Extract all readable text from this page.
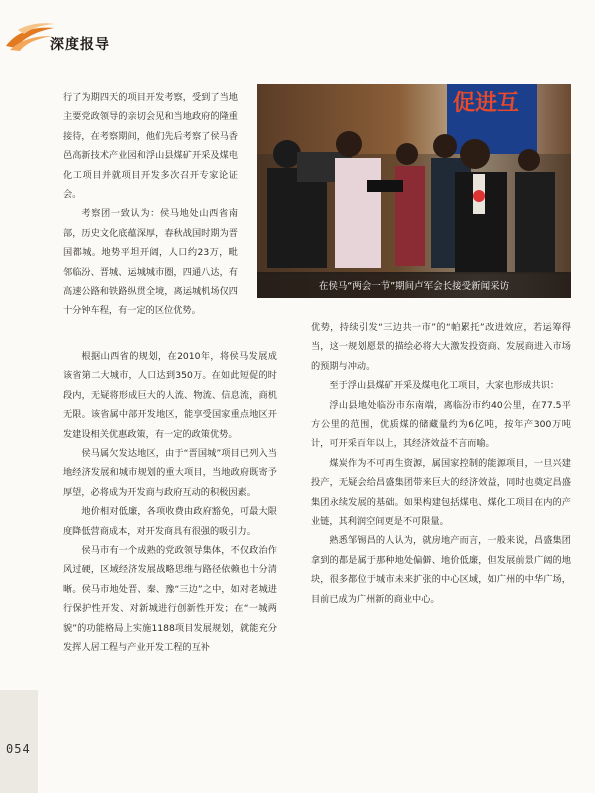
深度报导

行了为期四天的项目开发考察，受到了当地主要党政领导的亲切会见和当地政府的隆重接待，在考察期间，他们先后考察了侯马香邑高新技术产业园和浮山县煤矿开采及煤电化工项目并就项目开发多次召开专家论证会。

考察团一致认为：侯马地处山西省南部，历史文化底蕴深厚，春秋战国时期为晋国都城。地势平坦开阔，人口约23万，毗邻临汾、晋城、运城城市圈，四通八达，有高速公路和铁路纵贯全境，离运城机场仅四十分钟车程，有一定的区位优势。

促进互
在侯马“两会一节”期间卢军会长接受新闻采访

根据山西省的规划，在2010年，将侯马发展成该省第二大城市，人口达到350万。在如此短促的时段内，无疑将形成巨大的人流、物流、信息流，商机无限。该省属中部开发地区，能享受国家重点地区开发建设相关优惠政策，有一定的政策优势。

侯马属欠发达地区，由于“晋国城”项目已列入当地经济发展和城市规划的重大项目，当地政府既寄予厚望，必将成为开发商与政府互动的积极因素。

地价相对低廉，各项收费由政府豁免，可最大限度降低营商成本，对开发商具有很强的吸引力。

侯马市有一个成熟的党政领导集体，不仅政治作风过硬，区域经济发展战略思维与路径依赖也十分清晰。侯马市地处晋、秦、豫“三边”之中，如对老城进行保护性开发、对新城进行创新性开发；在“一城两貌”的功能格局上实施1188项目发展规划，就能充分发挥人居工程与产业开发工程的互补

优势，持续引发“三边共一市”的“帕累托”改进效应，若运筹得当，这一规划愿景的描绘必将大大激发投资商、发展商进入市场的预期与冲动。

至于浮山县煤矿开采及煤电化工项目，大家也形成共识：

浮山县地处临汾市东南端，离临汾市约40公里，在77.5平方公里的范围，优质煤的储藏量约为6亿吨，按年产300万吨计，可开采百年以上，其经济效益不言而喻。

煤炭作为不可再生资源，属国家控制的能源项目，一旦兴建投产，无疑会给昌盛集团带来巨大的经济效益，同时也奠定昌盛集团永续发展的基础。如果构建包括煤电、煤化工项目在内的产业链，其利润空间更是不可限量。

熟悉邹锡昌的人认为，就房地产而言，一般来说，昌盛集团拿到的都是属于那种地处偏僻、地价低廉，但发展前景广阔的地块，很多都位于城市未来扩张的中心区域，如广州的中华广场，目前已成为广州新的商业中心。

054
